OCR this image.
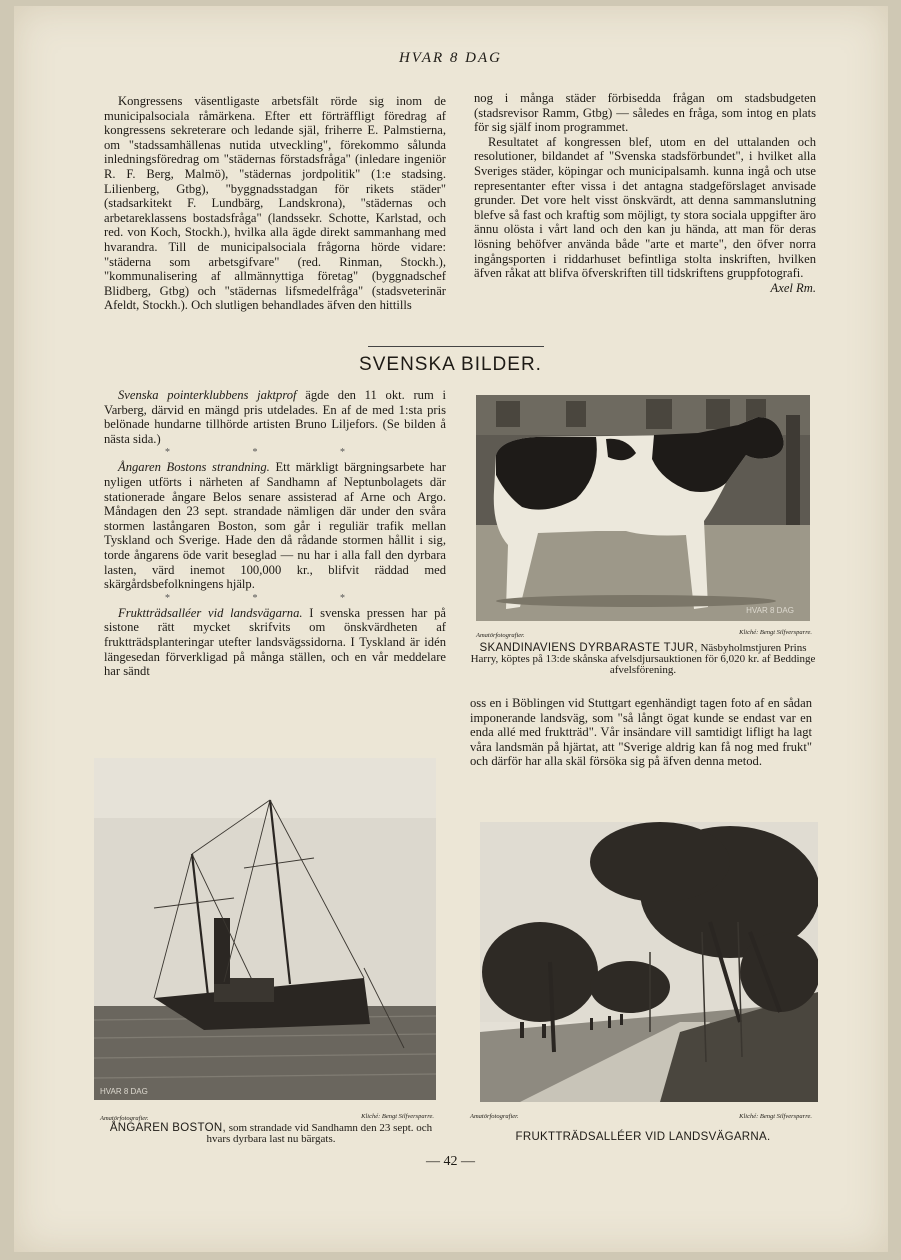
HVAR 8 DAG

Kongressens väsentligaste arbetsfält rörde sig inom de municipalsociala råmärkena. Efter ett förträffligt föredrag af kongressens sekreterare och ledande själ, friherre E. Palmstierna, om "stadssamhällenas nutida utveckling", förekommo sålunda inledningsföredrag om "städernas förstadsfråga" (inledare ingeniör R. F. Berg, Malmö), "städernas jordpolitik" (1:e stadsing. Lilienberg, Gtbg), "byggnadsstadgan för rikets städer" (stadsarkitekt F. Lundbärg, Landskrona), "städernas och arbetareklassens bostadsfråga" (landssekr. Schotte, Karlstad, och red. von Koch, Stockh.), hvilka alla ägde direkt sammanhang med hvarandra. Till de municipalsociala frågorna hörde vidare: "städerna som arbetsgifvare" (red. Rinman, Stockh.), "kommunalisering af allmännyttiga företag" (byggnadschef Blidberg, Gtbg) och "städernas lifsmedelfråga" (stadsveterinär Afeldt, Stockh.). Och slutligen behandlades äfven den hittills

nog i många städer förbisedda frågan om stadsbudgeten (stadsrevisor Ramm, Gtbg) — således en fråga, som intog en plats för sig själf inom programmet.

Resultatet af kongressen blef, utom en del uttalanden och resolutioner, bildandet af "Svenska stadsförbundet", i hvilket alla Sveriges städer, köpingar och municipalsamh. kunna ingå och utse representanter efter vissa i det antagna stadgeförslaget anvisade grunder. Det vore helt visst önskvärdt, att denna sammanslutning blefve så fast och kraftig som möjligt, ty stora sociala uppgifter äro ännu olösta i vårt land och den kan ju hända, att man för deras lösning behöfver använda både "arte et marte", den öfver norra ingångsporten i riddarhuset befintliga stolta inskriften, hvilken äfven råkat att blifva öfverskriften till tidskriftens gruppfotografi.

Axel Rm.

SVENSKA BILDER.

Svenska pointerklubbens jaktprof ägde den 11 okt. rum i Varberg, därvid en mängd pris utdelades. En af de med 1:sta pris belönade hundarne tillhörde artisten Bruno Liljefors. (Se bilden å nästa sida.)

* * *

Ångaren Bostons strandning. Ett märkligt bärgningsarbete har nyligen utförts i närheten af Sandhamn af Neptunbolagets där stationerade ångare Belos senare assisterad af Arne och Argo. Måndagen den 23 sept. strandade nämligen där under den svåra stormen lastångaren Boston, som går i reguliär trafik mellan Tyskland och Sverige. Hade den då rådande stormen hållit i sig, torde ångarens öde varit beseglad — nu har i alla fall den dyrbara lasten, värd inemot 100,000 kr., blifvit räddad med skärgårdsbefolkningens hjälp.

* * *

Fruktträdsalléer vid landsvägarna. I svenska pressen har på sistone rätt mycket skrifvits om önskvärdheten af fruktträdsplanteringar utefter landsvägssidorna. I Tyskland är idén längesedan förverkligad på många ställen, och en vår meddelare har sändt

HVAR 8 DAG
Amatörfotografier.	Kliché: Bengt Silfversparre.
SKANDINAVIENS DYRBARASTE TJUR, Näsbyholmstjuren Prins Harry, köptes på 13:de skånska afvelsdjursauktionen för 6,020 kr. af Beddinge afvelsförening.

oss en i Böblingen vid Stuttgart egenhändigt tagen foto af en sådan imponerande landsväg, som "så långt ögat kunde se endast var en enda allé med fruktträd". Vår insändare vill samtidigt lifligt ha lagt våra landsmän på hjärtat, att "Sverige aldrig kan få nog med frukt" och därför har alla skäl försöka sig på äfven denna metod.

HVAR 8 DAG
Amatörfotografier.	Kliché: Bengt Silfversparre.
ÅNGAREN BOSTON, som strandade vid Sandhamn den 23 sept. och hvars dyrbara last nu bärgats.
Amatörfotografier.	Kliché: Bengt Silfversparre.
FRUKTTRÄDSALLÉER VID LANDSVÄGARNA.
— 42 —
